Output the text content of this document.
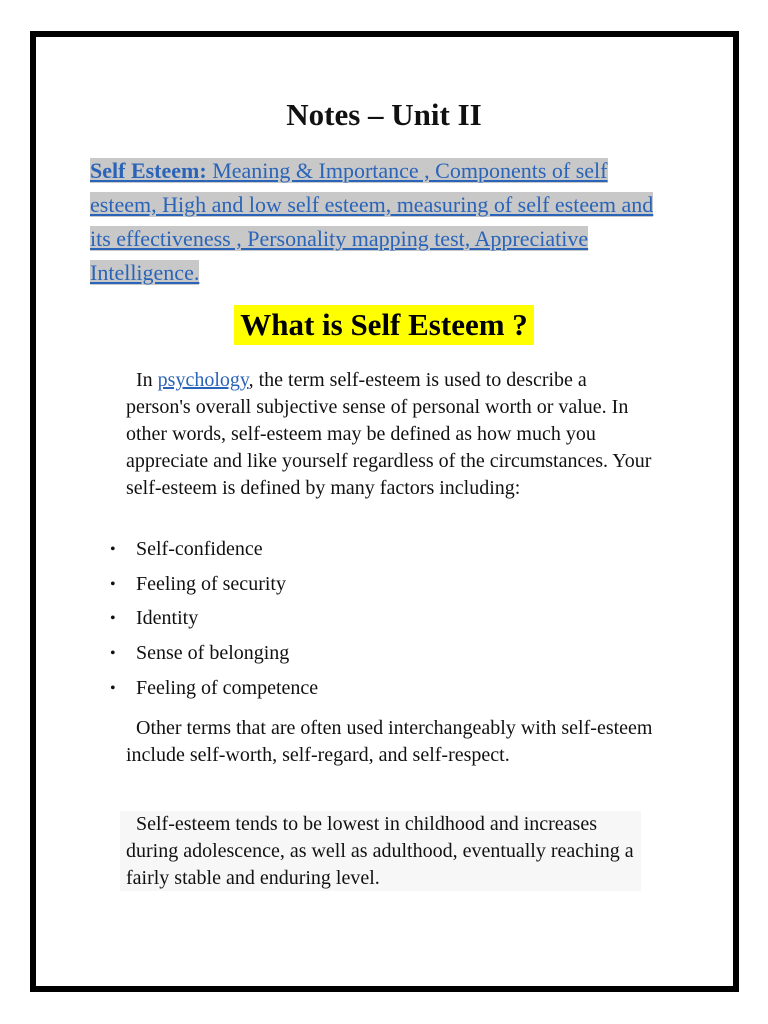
Notes – Unit II

Self Esteem: Meaning & Importance , Components of self esteem, High and low self esteem, measuring of self esteem and its effectiveness , Personality mapping test, Appreciative Intelligence.

What is Self Esteem ?

In psychology, the term self-esteem is used to describe a person's overall subjective sense of personal worth or value. In other words, self-esteem may be defined as how much you appreciate and like yourself regardless of the circumstances. Your self-esteem is defined by many factors including:

• Self-confidence
• Feeling of security
• Identity
• Sense of belonging
• Feeling of competence

Other terms that are often used interchangeably with self-esteem include self-worth, self-regard, and self-respect.

Self-esteem tends to be lowest in childhood and increases during adolescence, as well as adulthood, eventually reaching a fairly stable and enduring level.
